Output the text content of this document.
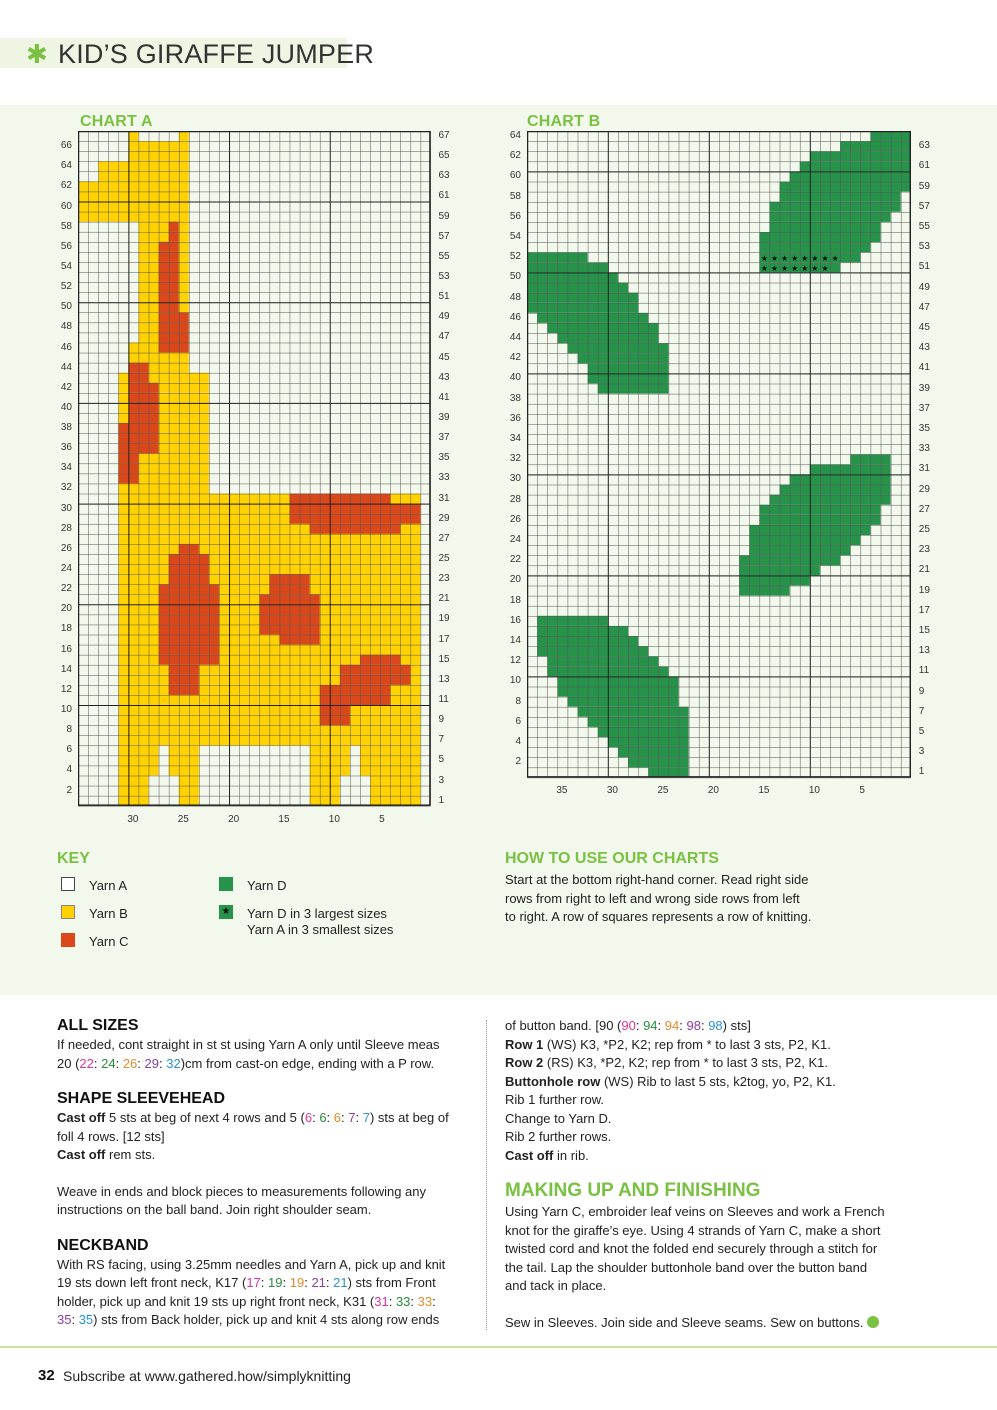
✱ KID’S GIRAFFE JUMPER
CHART A	CHART B
★ ★ ★ ★ ★ ★ ★ ★
★ ★ ★ ★ ★ ★ ★
66
64
62
60
58
56
54
52
50
48
46
44
42
40
38
36
34
32
30
28
26
24
22
20
18
16
14
12
10
8
6
4
2
67
65
63
61
59
57
55
53
51
49
47
45
43
41
39
37
35
33
31
29
27
25
23
21
19
17
15
13
11
9
7
5
3
1
30	25	20	15	10	5
64
62
60
58
56
54
52
50
48
46
44
42
40
38
36
34
32
30
28
26
24
22
20
18
16
14
12
10
8
6
4
2
63
61
59
57
55
53
51
49
47
45
43
41
39
37
35
33
31
29
27
25
23
21
19
17
15
13
11
9
7
5
3
1
35	30	25	20	15	10	5
KEY
Yarn A
Yarn B
Yarn C
Yarn D
★ Yarn D in 3 largest sizes
Yarn A in 3 smallest sizes
HOW TO USE OUR CHARTS
Start at the bottom right-hand corner. Read right side
rows from right to left and wrong side rows from left
to right. A row of squares represents a row of knitting.
ALL SIZES

If needed, cont straight in st st using Yarn A only until Sleeve meas

20 (22: 24: 26: 29: 32)cm from cast-on edge, ending with a P row.

SHAPE SLEEVEHEAD

Cast off 5 sts at beg of next 4 rows and 5 (6: 6: 6: 7: 7) sts at beg of

foll 4 rows. [12 sts]

Cast off rem sts.

Weave in ends and block pieces to measurements following any

instructions on the ball band. Join right shoulder seam.

NECKBAND

With RS facing, using 3.25mm needles and Yarn A, pick up and knit

19 sts down left front neck, K17 (17: 19: 19: 21: 21) sts from Front

holder, pick up and knit 19 sts up right front neck, K31 (31: 33: 33:

35: 35) sts from Back holder, pick up and knit 4 sts along row ends

of button band. [90 (90: 94: 94: 98: 98) sts]

Row 1 (WS) K3, *P2, K2; rep from * to last 3 sts, P2, K1.

Row 2 (RS) K3, *P2, K2; rep from * to last 3 sts, P2, K1.

Buttonhole row (WS) Rib to last 5 sts, k2tog, yo, P2, K1.

Rib 1 further row.

Change to Yarn D.

Rib 2 further rows.

Cast off in rib.

MAKING UP AND FINISHING

Using Yarn C, embroider leaf veins on Sleeves and work a French

knot for the giraffe’s eye. Using 4 strands of Yarn C, make a short

twisted cord and knot the folded end securely through a stitch for

the tail. Lap the shoulder buttonhole band over the button band

and tack in place.

Sew in Sleeves. Join side and Sleeve seams. Sew on buttons.

32 Subscribe at www.gathered.how/simplyknitting
